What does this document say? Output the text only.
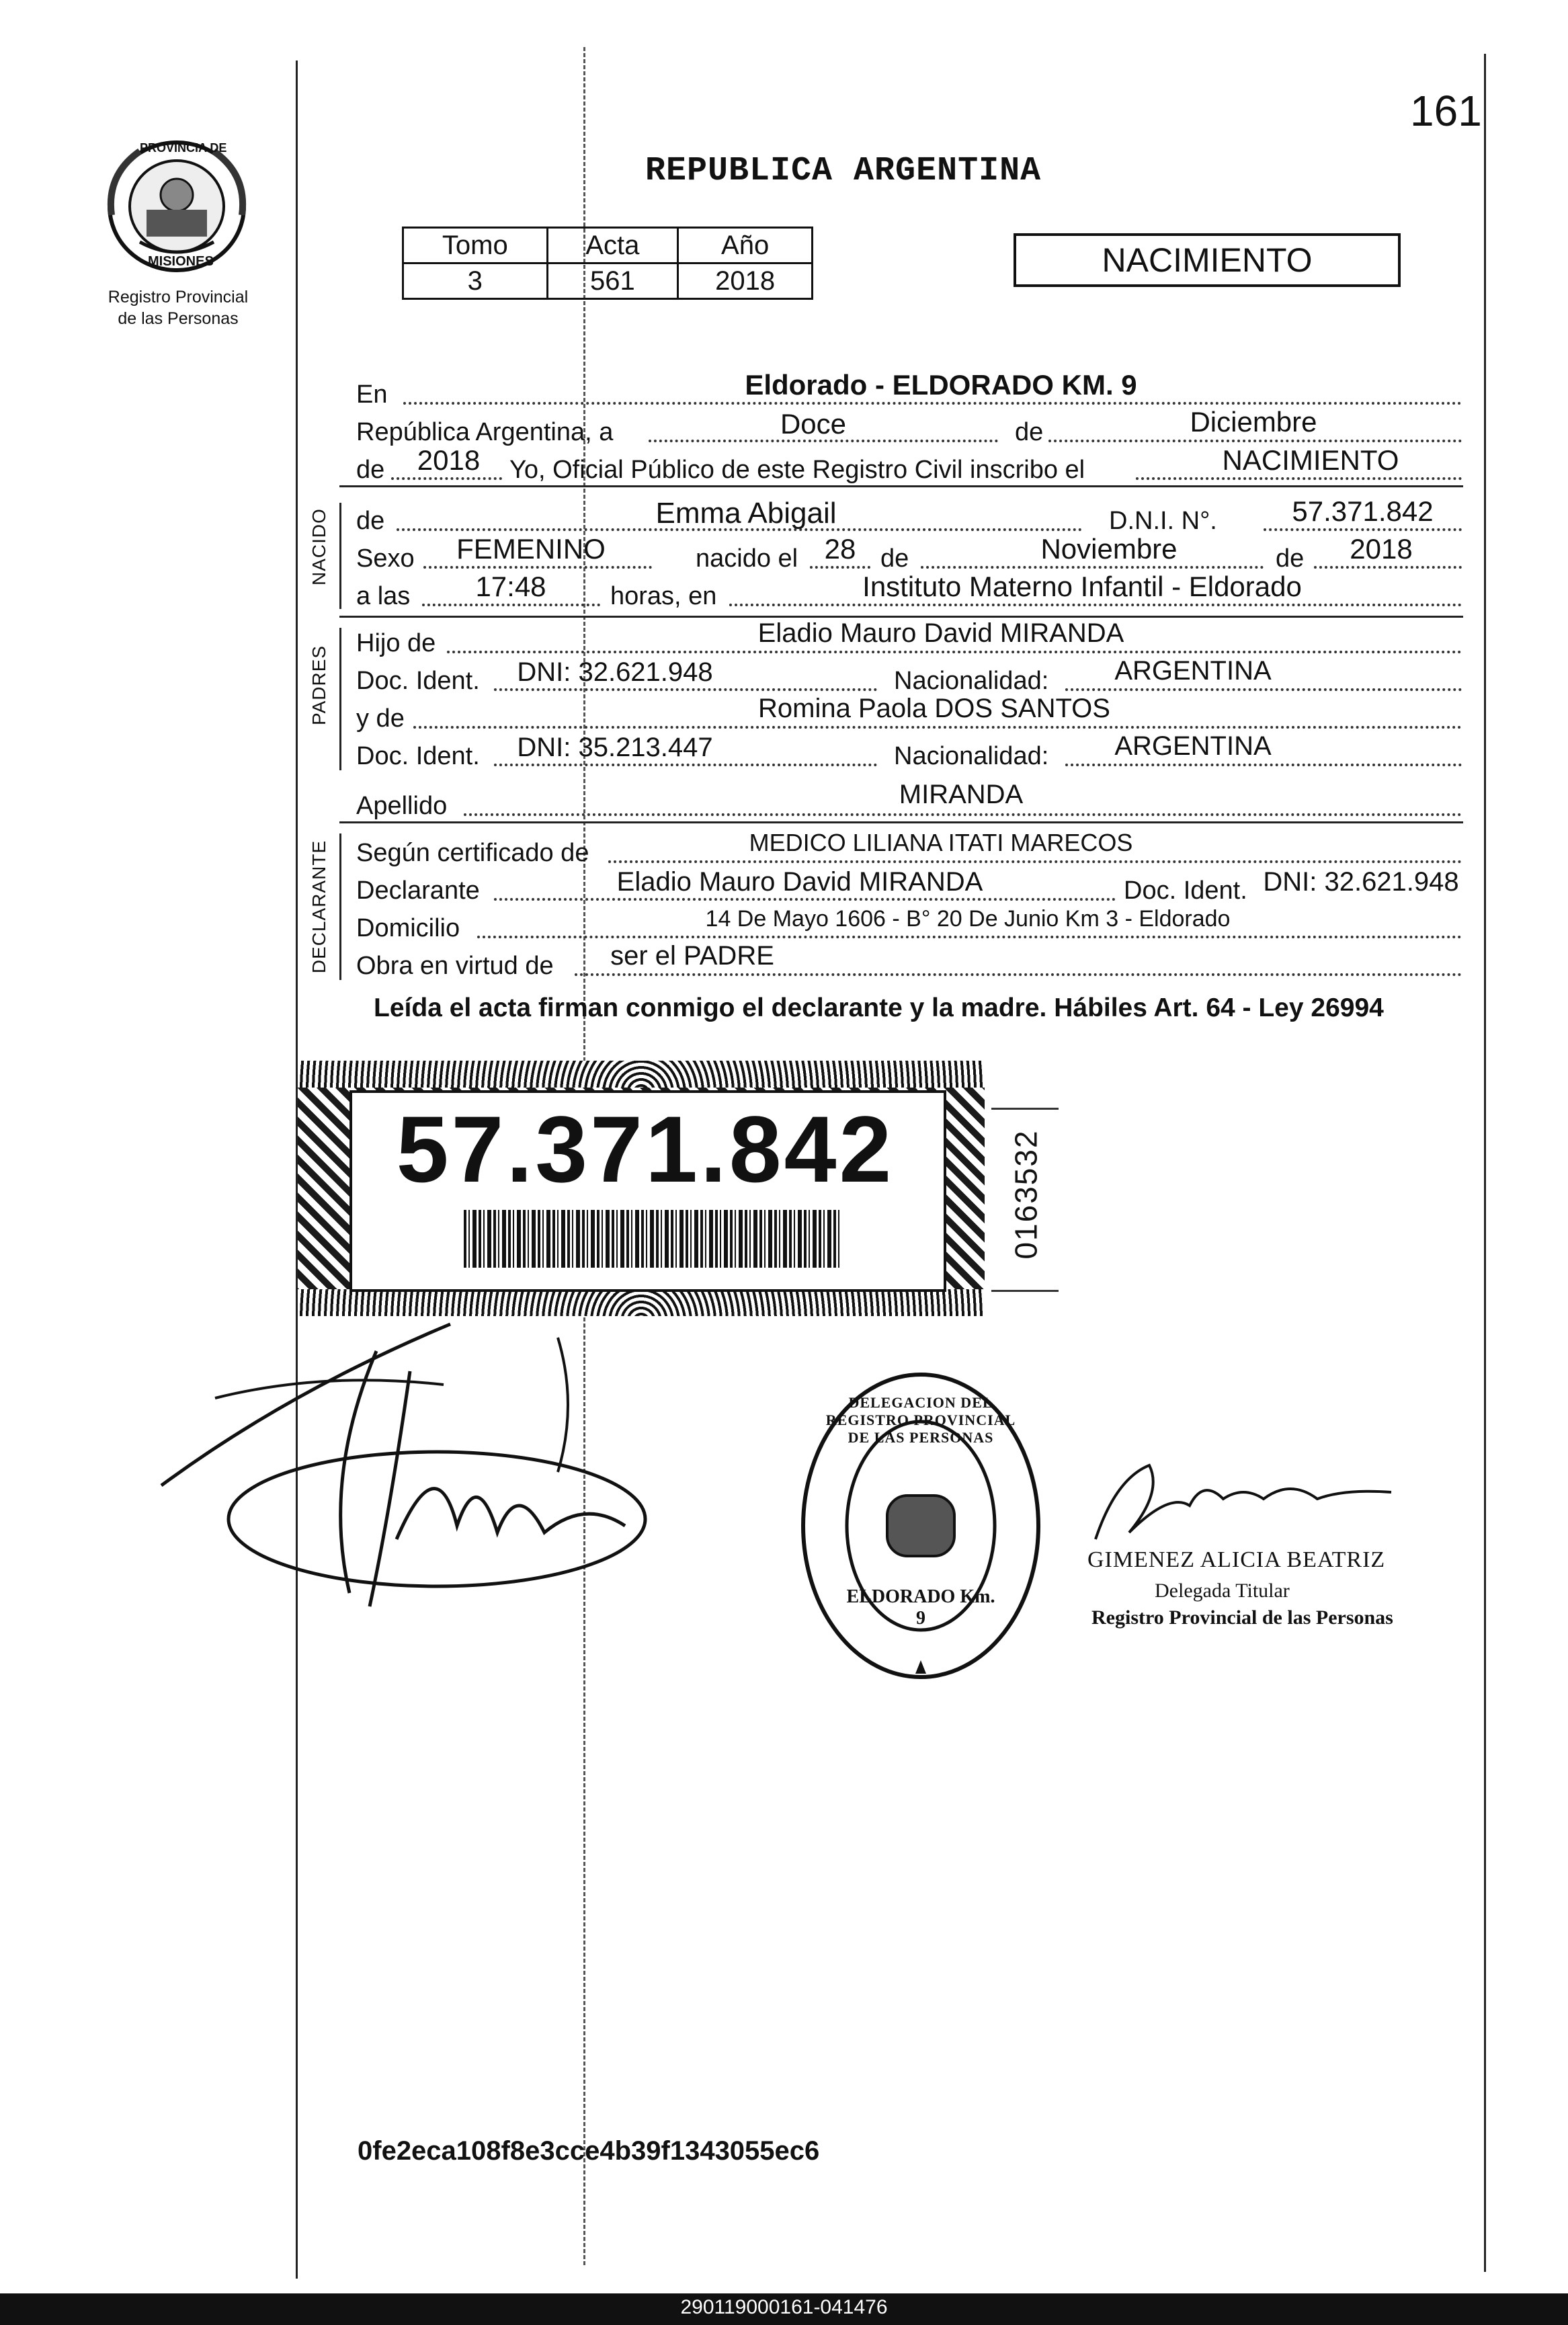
PROVINCIA DE
MISIONES
Registro Provincial
de las Personas
161
REPUBLICA ARGENTINA
Tomo	Acta	Año
3	561	2018
NACIMIENTO
En	Eldorado - ELDORADO KM. 9
República Argentina, a	Doce	de	Diciembre
de	2018	Yo, Oficial Público de este Registro Civil inscribo el	NACIMIENTO
NACIDO de	Emma Abigail	D.N.I. N°.	57.371.842
Sexo	FEMENINO	nacido el 28 de	Noviembre	de	2018
a las	17:48	horas, en	Instituto Materno Infantil - Eldorado
PADRES
Hijo de	Eladio Mauro David MIRANDA
Doc. Ident.	DNI: 32.621.948	Nacionalidad:	ARGENTINA
y de	Romina Paola DOS SANTOS
Doc. Ident.	DNI: 35.213.447	Nacionalidad:	ARGENTINA
Apellido	MIRANDA
DECLARANTE Según certificado de	MEDICO LILIANA ITATI MARECOS
Declarante	Eladio Mauro David MIRANDA	Doc. Ident. DNI: 32.621.948
Domicilio	14 De Mayo 1606 - B° 20 De Junio Km 3 - Eldorado
Obra en virtud de	ser el PADRE
Leída el acta firman conmigo el declarante y la madre. Hábiles Art. 64 - Ley 26994
57.371.842	0163532
DELEGACION DEL REGISTRO PROVINCIAL DE LAS PERSONAS
ELDORADO Km. 9
GIMENEZ ALICIA BEATRIZ
Delegada Titular
Registro Provincial de las Personas
0fe2eca108f8e3cce4b39f1343055ec6
290119000161-041476
